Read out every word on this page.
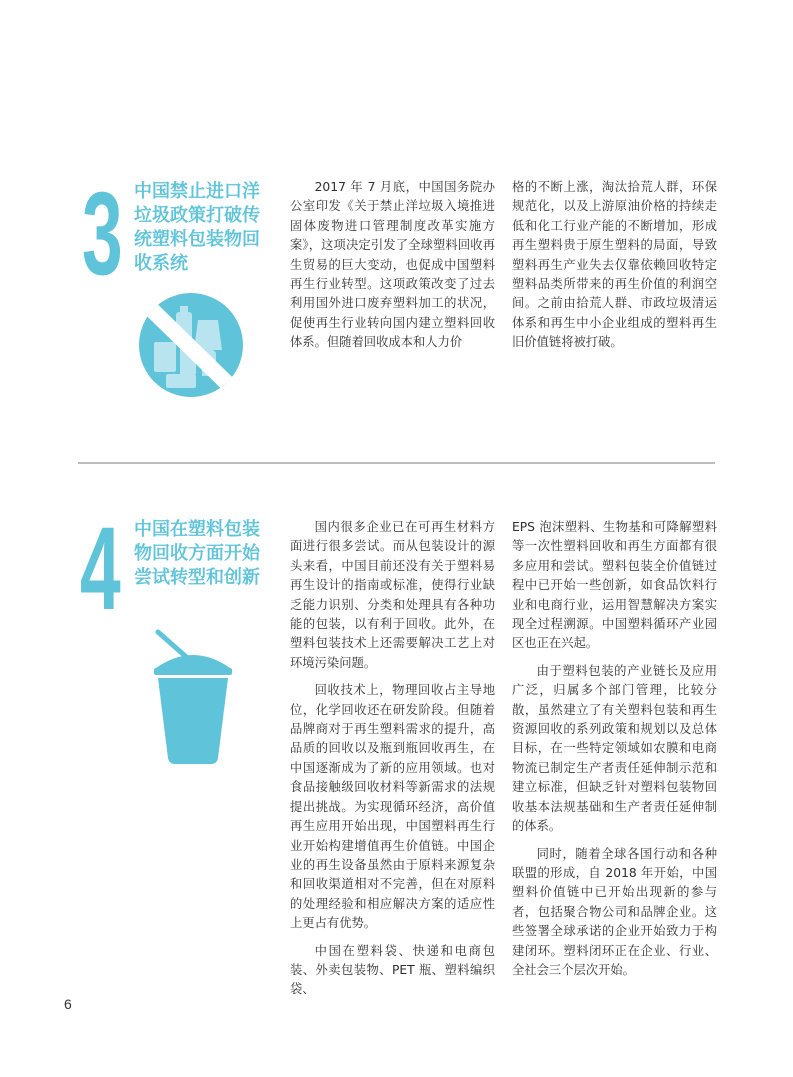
3 中国禁止进口洋垃圾政策打破传统塑料包装物回收系统

2017 年 7 月底，中国国务院办公室印发《关于禁止洋垃圾入境推进固体废物进口管理制度改革实施方案》，这项决定引发了全球塑料回收再生贸易的巨大变动，也促成中国塑料再生行业转型。这项政策改变了过去利用国外进口废弃塑料加工的状况，促使再生行业转向国内建立塑料回收体系。但随着回收成本和人力价

格的不断上涨，淘汰拾荒人群，环保规范化，以及上游原油价格的持续走低和化工行业产能的不断增加，形成再生塑料贵于原生塑料的局面，导致塑料再生产业失去仅靠依赖回收特定塑料品类所带来的再生价值的利润空间。之前由拾荒人群、市政垃圾清运体系和再生中小企业组成的塑料再生旧价值链将被打破。

4 中国在塑料包装物回收方面开始尝试转型和创新

国内很多企业已在可再生材料方面进行很多尝试。而从包装设计的源头来看，中国目前还没有关于塑料易再生设计的指南或标准，使得行业缺乏能力识别、分类和处理具有各种功能的包装，以有利于回收。此外，在塑料包装技术上还需要解决工艺上对环境污染问题。

回收技术上，物理回收占主导地位，化学回收还在研发阶段。但随着品牌商对于再生塑料需求的提升，高品质的回收以及瓶到瓶回收再生，在中国逐渐成为了新的应用领域。也对食品接触级回收材料等新需求的法规提出挑战。为实现循环经济，高价值再生应用开始出现，中国塑料再生行业开始构建增值再生价值链。中国企业的再生设备虽然由于原料来源复杂和回收渠道相对不完善，但在对原料的处理经验和相应解决方案的适应性上更占有优势。

中国在塑料袋、快递和电商包装、外卖包装物、PET 瓶、塑料编织袋、

EPS 泡沫塑料、生物基和可降解塑料等一次性塑料回收和再生方面都有很多应用和尝试。塑料包装全价值链过程中已开始一些创新，如食品饮料行业和电商行业，运用智慧解决方案实现全过程溯源。中国塑料循环产业园区也正在兴起。

由于塑料包装的产业链长及应用广泛，归属多个部门管理，比较分散，虽然建立了有关塑料包装和再生资源回收的系列政策和规划以及总体目标，在一些特定领域如农膜和电商物流已制定生产者责任延伸制示范和建立标准，但缺乏针对塑料包装物回收基本法规基础和生产者责任延伸制的体系。

同时，随着全球各国行动和各种联盟的形成，自 2018 年开始，中国塑料价值链中已开始出现新的参与者，包括聚合物公司和品牌企业。这些签署全球承诺的企业开始致力于构建闭环。塑料闭环正在企业、行业、全社会三个层次开始。

6
